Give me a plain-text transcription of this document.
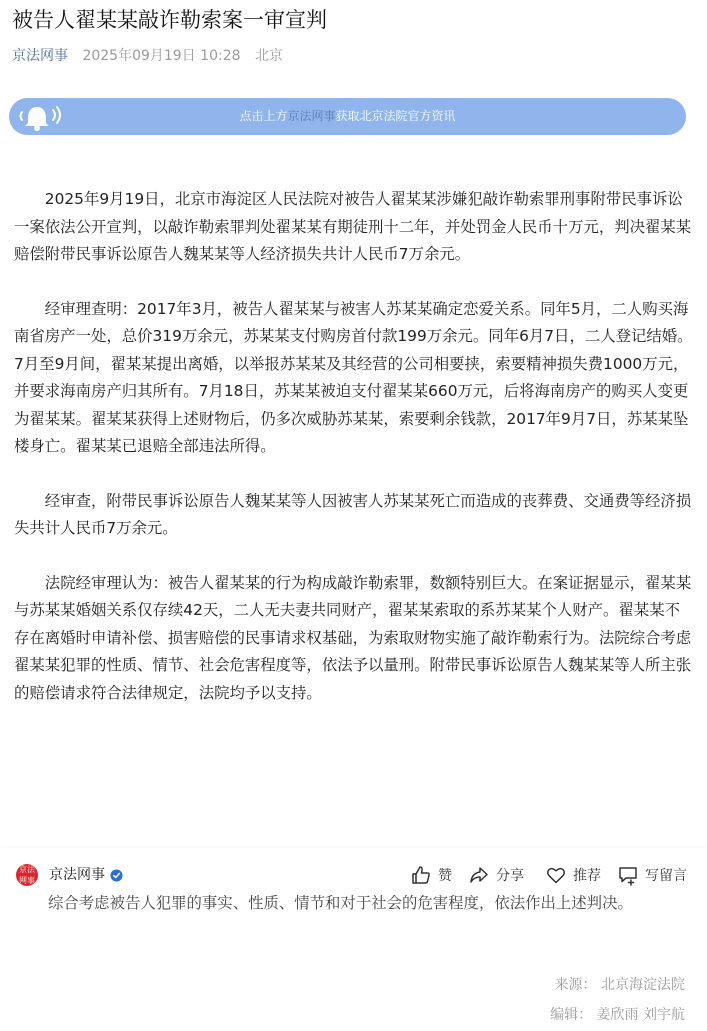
被告人翟某某敲诈勒索案一审宣判
京法网事 2025年09月19日 10:28 北京
点击上方京法网事获取北京法院官方资讯

2025年9月19日，北京市海淀区人民法院对被告人翟某某涉嫌犯敲诈勒索罪刑事附带民事诉讼一案依法公开宣判，以敲诈勒索罪判处翟某某有期徒刑十二年，并处罚金人民币十万元，判决翟某某赔偿附带民事诉讼原告人魏某某等人经济损失共计人民币7万余元。

经审理查明：2017年3月，被告人翟某某与被害人苏某某确定恋爱关系。同年5月，二人购买海南省房产一处，总价319万余元，苏某某支付购房首付款199万余元。同年6月7日，二人登记结婚。7月至9月间，翟某某提出离婚，以举报苏某某及其经营的公司相要挟，索要精神损失费1000万元，并要求海南房产归其所有。7月18日，苏某某被迫支付翟某某660万元，后将海南房产的购买人变更为翟某某。翟某某获得上述财物后，仍多次威胁苏某某，索要剩余钱款，2017年9月7日，苏某某坠楼身亡。翟某某已退赔全部违法所得。

经审查，附带民事诉讼原告人魏某某等人因被害人苏某某死亡而造成的丧葬费、交通费等经济损失共计人民币7万余元。

法院经审理认为：被告人翟某某的行为构成敲诈勒索罪，数额特别巨大。在案证据显示，翟某某与苏某某婚姻关系仅存续42天，二人无夫妻共同财产，翟某某索取的系苏某某个人财产。翟某某不存在离婚时申请补偿、损害赔偿的民事请求权基础，为索取财物实施了敲诈勒索行为。法院综合考虑翟某某犯罪的性质、情节、社会危害程度等，依法予以量刑。附带民事诉讼原告人魏某某等人所主张的赔偿请求符合法律规定，法院均予以支持。

京法网事 京法网事	赞	分享	推荐	写留言
综合考虑被告人犯罪的事实、性质、情节和对于社会的危害程度，依法作出上述判决。
来源： 北京海淀法院
编辑： 姜欣雨 刘宇航
